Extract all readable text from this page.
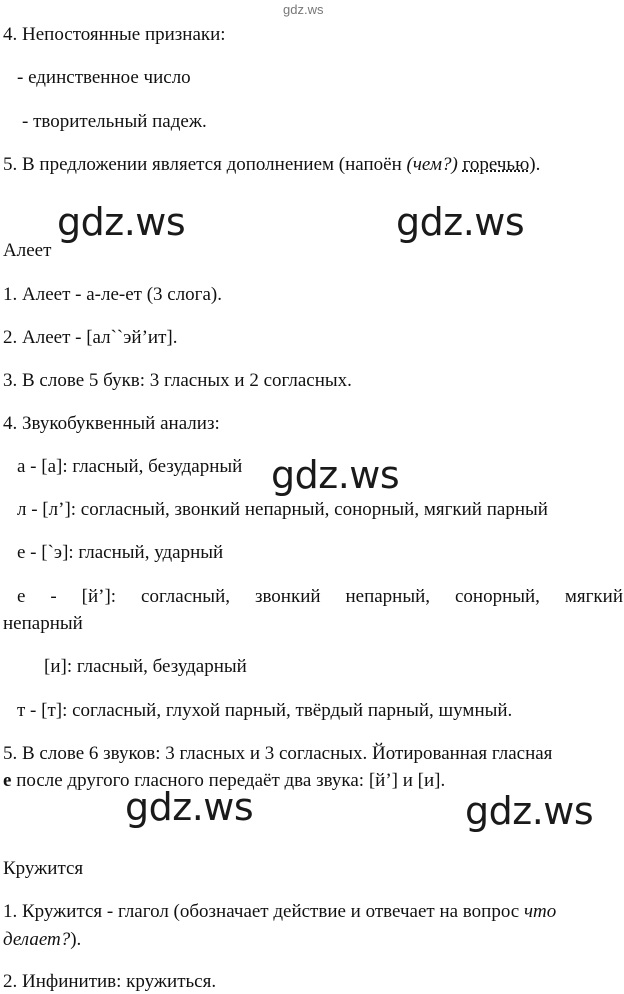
gdz.ws
4. Непостоянные признаки:
- единственное число
- творительный падеж.
5. В предложении является дополнением (напоён (чем?) горечью).
gdz.ws	gdz.ws
Алеет
1. Алеет - а-ле-ет (3 слога).
2. Алеет - [ал``эй’ит].
3. В слове 5 букв: 3 гласных и 2 согласных.
4. Звукобуквенный анализ:
а - [а]: гласный, безударный gdz.ws
л - [л’]: согласный, звонкий непарный, сонорный, мягкий парный
е - [`э]: гласный, ударный
е - [й’]: согласный, звонкий непарный, сонорный, мягкий
непарный
[и]: гласный, безударный
т - [т]: согласный, глухой парный, твёрдый парный, шумный.
5. В слове 6 звуков: 3 гласных и 3 согласных. Йотированная гласная
е после другого гласного передаёт два звука: [й’] и [и].
gdz.ws	gdz.ws
Кружится
1. Кружится - глагол (обозначает действие и отвечает на вопрос что
делает?).
2. Инфинитив: кружиться.
